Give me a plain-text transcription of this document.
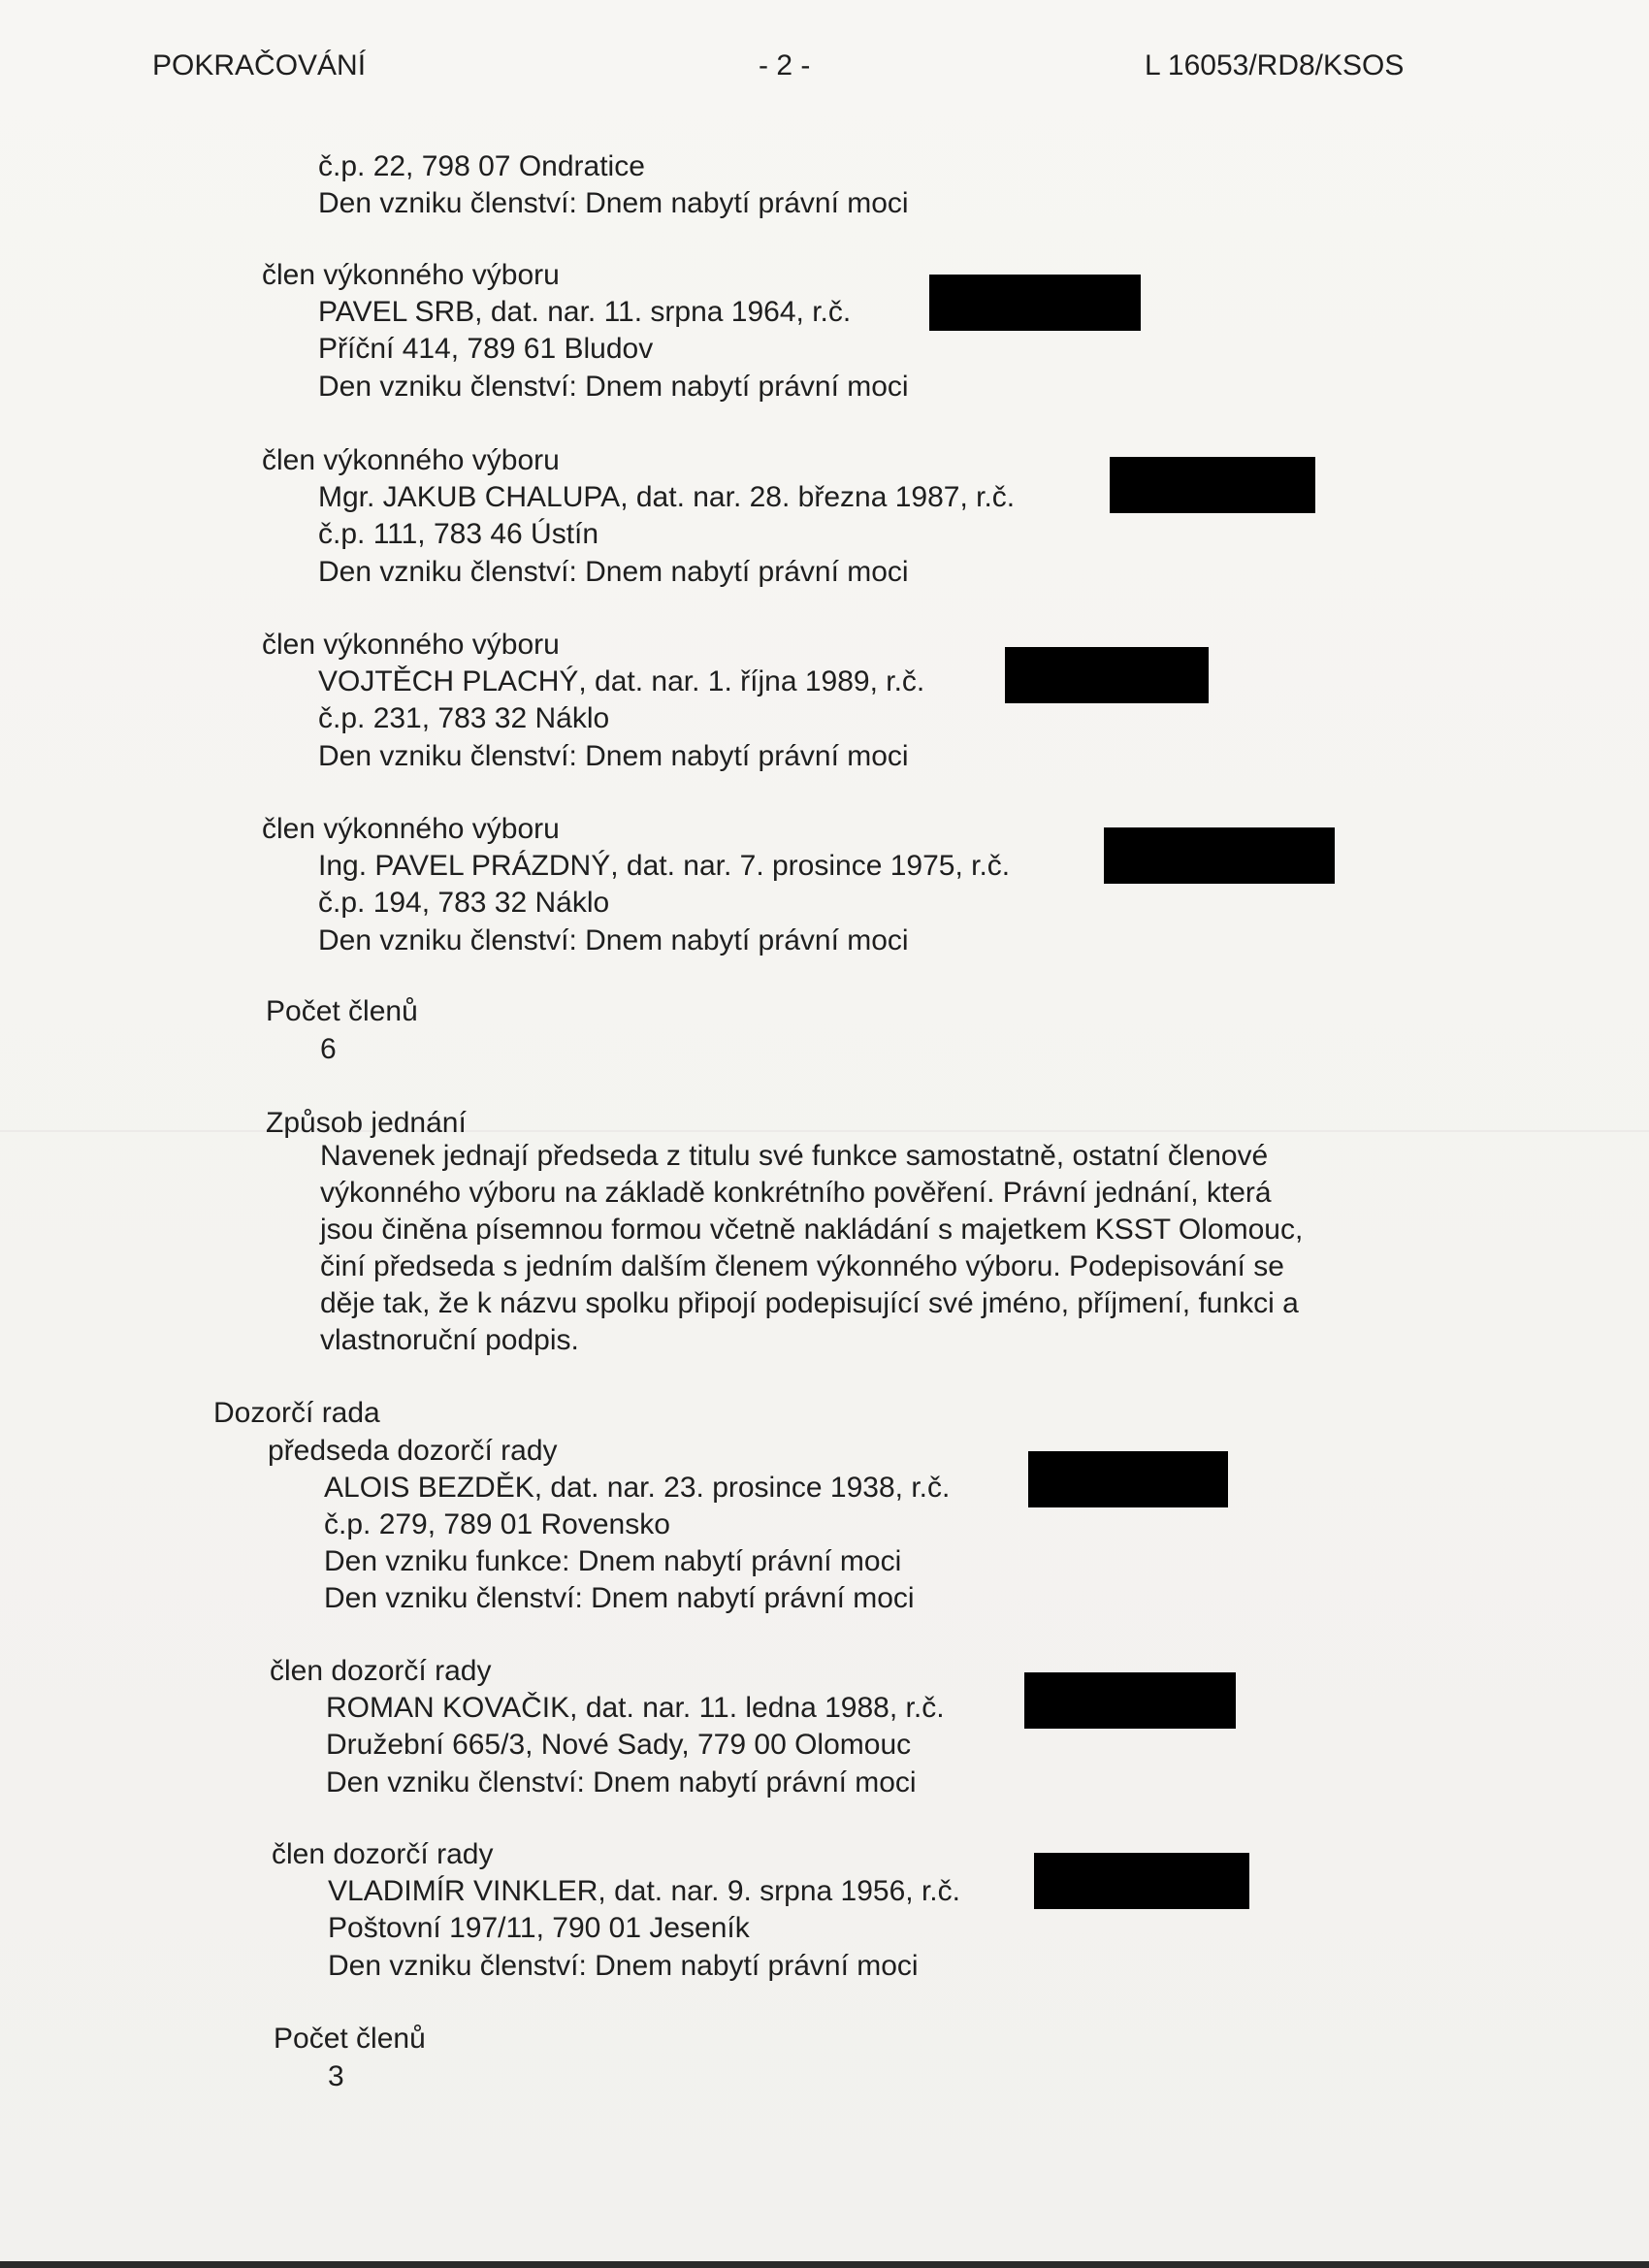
POKRAČOVÁNÍ	- 2 -	L 16053/RD8/KSOS
č.p. 22, 798 07 Ondratice
Den vzniku členství: Dnem nabytí právní moci
člen výkonného výboru
PAVEL SRB, dat. nar. 11. srpna 1964, r.č.
Příční 414, 789 61 Bludov
Den vzniku členství: Dnem nabytí právní moci
člen výkonného výboru
Mgr. JAKUB CHALUPA, dat. nar. 28. března 1987, r.č.
č.p. 111, 783 46 Ústín
Den vzniku členství: Dnem nabytí právní moci
člen výkonného výboru
VOJTĚCH PLACHÝ, dat. nar. 1. října 1989, r.č.
č.p. 231, 783 32 Náklo
Den vzniku členství: Dnem nabytí právní moci
člen výkonného výboru
Ing. PAVEL PRÁZDNÝ, dat. nar. 7. prosince 1975, r.č.
č.p. 194, 783 32 Náklo
Den vzniku členství: Dnem nabytí právní moci
Počet členů
6
Způsob jednání
Navenek jednají předseda z titulu své funkce samostatně, ostatní členové
výkonného výboru na základě konkrétního pověření. Právní jednání, která
jsou činěna písemnou formou včetně nakládání s majetkem KSST Olomouc,
činí předseda s jedním dalším členem výkonného výboru. Podepisování se
děje tak, že k názvu spolku připojí podepisující své jméno, příjmení, funkci a
vlastnoruční podpis.
Dozorčí rada
předseda dozorčí rady
ALOIS BEZDĚK, dat. nar. 23. prosince 1938, r.č.
č.p. 279, 789 01 Rovensko
Den vzniku funkce: Dnem nabytí právní moci
Den vzniku členství: Dnem nabytí právní moci
člen dozorčí rady
ROMAN KOVAČIK, dat. nar. 11. ledna 1988, r.č.
Družební 665/3, Nové Sady, 779 00 Olomouc
Den vzniku členství: Dnem nabytí právní moci
člen dozorčí rady
VLADIMÍR VINKLER, dat. nar. 9. srpna 1956, r.č.
Poštovní 197/11, 790 01 Jeseník
Den vzniku členství: Dnem nabytí právní moci
Počet členů
3
